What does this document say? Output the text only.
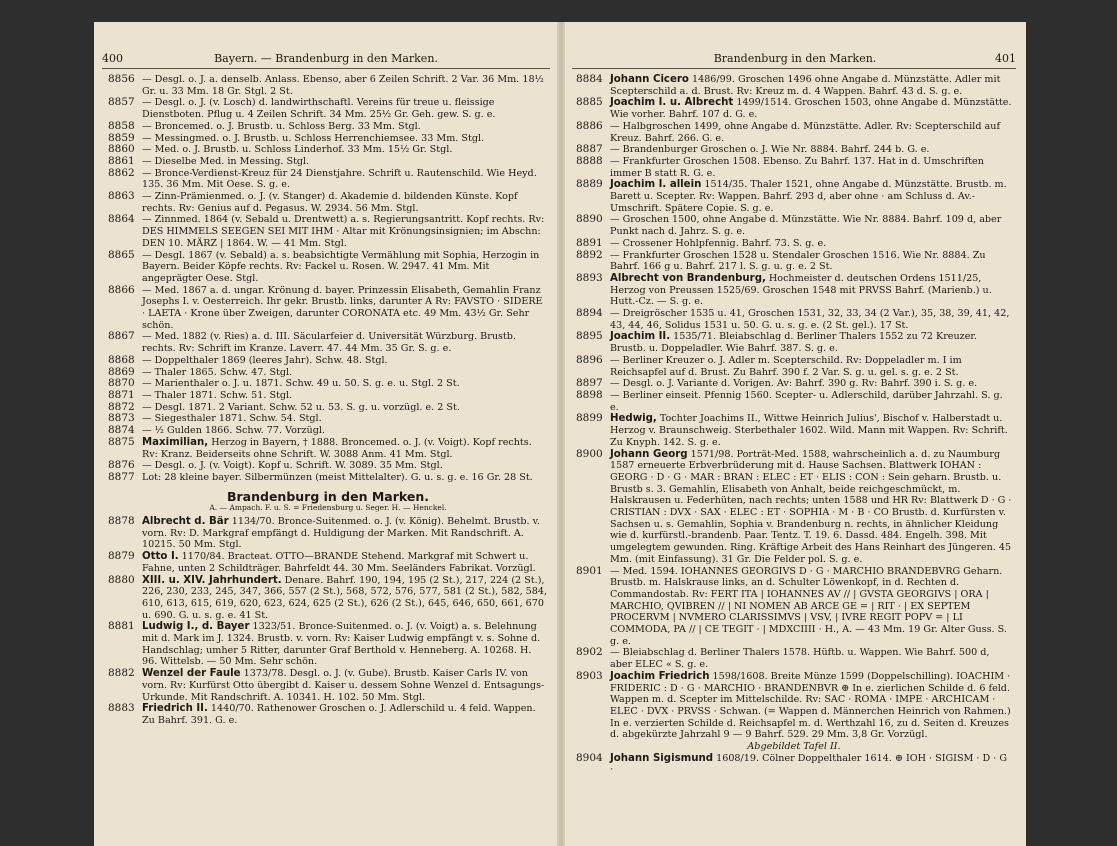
400	Bayern. — Brandenburg in den Marken.
8856 — Desgl. o. J. a. denselb. Anlass. Ebenso, aber 6 Zeilen Schrift. 2 Var. 36 Mm. 18½ Gr. u. 33 Mm. 18 Gr. Stgl. 2 St.
8857 — Desgl. o. J. (v. Losch) d. landwirthschaftl. Vereins für treue u. fleissige Dienstboten. Pflug u. 4 Zeilen Schrift. 34 Mm. 25½ Gr. Geh. gew. S. g. e.
8858 — Broncemed. o. J. Brustb. u. Schloss Berg. 33 Mm. Stgl.
8859 — Messingmed. o. J. Brustb. u. Schloss Herrenchiemsee. 33 Mm. Stgl.
8860 — Med. o. J. Brustb. u. Schloss Linderhof. 33 Mm. 15½ Gr. Stgl.
8861 — Dieselbe Med. in Messing. Stgl.
8862 — Bronce-Verdienst-Kreuz für 24 Dienstjahre. Schrift u. Rautenschild. Wie Heyd. 135. 36 Mm. Mit Oese. S. g. e.
8863 — Zinn-Prämienmed. o. J. (v. Stanger) d. Akademie d. bildenden Künste. Kopf rechts. Rv: Genius auf d. Pegasus. W. 2934. 56 Mm. Stgl.
8864 — Zinnmed. 1864 (v. Sebald u. Drentwett) a. s. Regierungsantritt. Kopf rechts. Rv: DES HIMMELS SEEGEN SEI MIT IHM · Altar mit Krönungsinsignien; im Abschn: DEN 10. MÄRZ | 1864. W. — 41 Mm. Stgl.
8865 — Desgl. 1867 (v. Sebald) a. s. beabsichtigte Vermählung mit Sophia, Herzogin in Bayern. Beider Köpfe rechts. Rv: Fackel u. Rosen. W. 2947. 41 Mm. Mit angeprägter Oese. Stgl.
8866 — Med. 1867 a. d. ungar. Krönung d. bayer. Prinzessin Elisabeth, Gemahlin Franz Josephs I. v. Oesterreich. Ihr gekr. Brustb. links, darunter A Rv: FAVSTO · SIDERE · LAETA · Krone über Zweigen, darunter CORONATA etc. 49 Mm. 43½ Gr. Sehr schön.
8867 — Med. 1882 (v. Ries) a. d. III. Säcularfeier d. Universität Würzburg. Brustb. rechts. Rv: Schrift im Kranze. Laverr. 47. 44 Mm. 35 Gr. S. g. e.
8868 — Doppelthaler 1869 (leeres Jahr). Schw. 48. Stgl.
8869 — Thaler 1865. Schw. 47. Stgl.
8870 — Marienthaler o. J. u. 1871. Schw. 49 u. 50. S. g. e. u. Stgl. 2 St.
8871 — Thaler 1871. Schw. 51. Stgl.
8872 — Desgl. 1871. 2 Variant. Schw. 52 u. 53. S. g. u. vorzügl. e. 2 St.
8873 — Siegesthaler 1871. Schw. 54. Stgl.
8874 — ½ Gulden 1866. Schw. 77. Vorzügl.
8875 Maximilian, Herzog in Bayern, † 1888. Broncemed. o. J. (v. Voigt). Kopf rechts. Rv: Kranz. Beiderseits ohne Schrift. W. 3088 Anm. 41 Mm. Stgl.
8876 — Desgl. o. J. (v. Voigt). Kopf u. Schrift. W. 3089. 35 Mm. Stgl.
8877 Lot: 28 kleine bayer. Silbermünzen (meist Mittelalter). G. u. s. g. e. 16 Gr. 28 St.
Brandenburg in den Marken.
A. — Ampach. F. u. S. = Friedensburg u. Seger. H. — Henckel.
8878 Albrecht d. Bär 1134/70. Bronce-Suitenmed. o. J. (v. König). Behelmt. Brustb. v. vorn. Rv: D. Markgraf empfängt d. Huldigung der Marken. Mit Randschrift. A. 10215. 50 Mm. Stgl.
8879 Otto I. 1170/84. Bracteat. OTTO—BRANDE Stehend. Markgraf mit Schwert u. Fahne, unten 2 Schildträger. Bahrfeldt 44. 30 Mm. Seeländers Fabrikat. Vorzügl.
8880 XIII. u. XIV. Jahrhundert. Denare. Bahrf. 190, 194, 195 (2 St.), 217, 224 (2 St.), 226, 230, 233, 245, 347, 366, 557 (2 St.), 568, 572, 576, 577, 581 (2 St.), 582, 584, 610, 613, 615, 619, 620, 623, 624, 625 (2 St.), 626 (2 St.), 645, 646, 650, 661, 670 u. 690. G. u. s. g. e. 41 St.
8881 Ludwig I., d. Bayer 1323/51. Bronce-Suitenmed. o. J. (v. Voigt) a. s. Belehnung mit d. Mark im J. 1324. Brustb. v. vorn. Rv: Kaiser Ludwig empfängt v. s. Sohne d. Handschlag; umher 5 Ritter, darunter Graf Berthold v. Henneberg. A. 10268. H. 96. Wittelsb. — 50 Mm. Sehr schön.
8882 Wenzel der Faule 1373/78. Desgl. o. J. (v. Gube). Brustb. Kaiser Carls IV. von vorn. Rv: Kurfürst Otto übergibt d. Kaiser u. dessem Sohne Wenzel d. Entsagungs-Urkunde. Mit Randschrift. A. 10341. H. 102. 50 Mm. Stgl.
8883 Friedrich II. 1440/70. Rathenower Groschen o. J. Adlerschild u. 4 feld. Wappen. Zu Bahrf. 391. G. e.
401
Brandenburg in den Marken.
8884 Johann Cicero 1486/99. Groschen 1496 ohne Angabe d. Münzstätte. Adler mit Scepterschild a. d. Brust. Rv: Kreuz m. d. 4 Wappen. Bahrf. 43 d. S. g. e.
8885 Joachim I. u. Albrecht 1499/1514. Groschen 1503, ohne Angabe d. Münzstätte. Wie vorher. Bahrf. 107 d. G. e.
8886 — Halbgroschen 1499, ohne Angabe d. Münzstätte. Adler. Rv: Scepterschild auf Kreuz. Bahrf. 266. G. e.
8887 — Brandenburger Groschen o. J. Wie Nr. 8884. Bahrf. 244 b. G. e.
8888 — Frankfurter Groschen 1508. Ebenso. Zu Bahrf. 137. Hat in d. Umschriften immer B statt R. G. e.
8889 Joachim I. allein 1514/35. Thaler 1521, ohne Angabe d. Münzstätte. Brustb. m. Barett u. Scepter. Rv: Wappen. Bahrf. 293 d, aber ohne · am Schluss d. Av.-Umschrift. Spätere Copie. S. g. e.
8890 — Groschen 1500, ohne Angabe d. Münzstätte. Wie Nr. 8884. Bahrf. 109 d, aber Punkt nach d. Jahrz. S. g. e.
8891 — Crossener Hohlpfennig. Bahrf. 73. S. g. e.
8892 — Frankfurter Groschen 1528 u. Stendaler Groschen 1516. Wie Nr. 8884. Zu Bahrf. 166 g u. Bahrf. 217 l. S. g. u. g. e. 2 St.
8893 Albrecht von Brandenburg, Hochmeister d. deutschen Ordens 1511/25, Herzog von Preussen 1525/69. Groschen 1548 mit PRVSS Bahrf. (Marienb.) u. Hutt.-Cz. — S. g. e.
8894 — Dreigröscher 1535 u. 41, Groschen 1531, 32, 33, 34 (2 Var.), 35, 38, 39, 41, 42, 43, 44, 46, Solidus 1531 u. 50. G. u. s. g. e. (2 St. gel.). 17 St.
8895 Joachim II. 1535/71. Bleiabschlag d. Berliner Thalers 1552 zu 72 Kreuzer. Brustb. u. Doppeladler. Wie Bahrf. 387. S. g. e.
8896 — Berliner Kreuzer o. J. Adler m. Scepterschild. Rv: Doppeladler m. I im Reichsapfel auf d. Brust. Zu Bahrf. 390 f. 2 Var. S. g. u. gel. s. g. e. 2 St.
8897 — Desgl. o. J. Variante d. Vorigen. Av: Bahrf. 390 g. Rv: Bahrf. 390 i. S. g. e.
8898 — Berliner einseit. Pfennig 1560. Scepter- u. Adlerschild, darüber Jahrzahl. S. g. e.
8899 Hedwig, Tochter Joachims II., Wittwe Heinrich Julius', Bischof v. Halberstadt u. Herzog v. Braunschweig. Sterbethaler 1602. Wild. Mann mit Wappen. Rv: Schrift. Zu Knyph. 142. S. g. e.
8900 Johann Georg 1571/98. Porträt-Med. 1588, wahrscheinlich a. d. zu Naumburg 1587 erneuerte Erbverbrüderung mit d. Hause Sachsen. Blattwerk IOHAN : GEORG · D · G · MAR : BRAN : ELEC : ET · ELIS : CON : Sein geharn. Brustb. u. Brustb s. 3. Gemahlin, Elisabeth von Anhalt, beide reichgeschmückt, m. Halskrausen u. Federhüten, nach rechts; unten 1588 und HR Rv: Blattwerk D · G · CRISTIAN : DVX · SAX · ELEC : ET · SOPHIA · M · B · CO Brustb. d. Kurfürsten v. Sachsen u. s. Gemahlin, Sophia v. Brandenburg n. rechts, in ähnlicher Kleidung wie d. kurfürstl.-brandenb. Paar. Tentz. T. 19. 6. Dassd. 484. Engelh. 398. Mit umgelegtem gewunden. Ring. Kräftige Arbeit des Hans Reinhart des Jüngeren. 45 Mm. (mit Einfassung). 31 Gr. Die Felder pol. S. g. e.
8901 — Med. 1594. IOHANNES GEORGIVS D · G · MARCHIO BRANDEBVRG Geharn. Brustb. m. Halskrause links, an d. Schulter Löwenkopf, in d. Rechten d. Commandostab. Rv: FERT ITA | IOHANNES AV // | GVSTA GEORGIVS | ORA | MARCHIO, QVIBREN // | NI NOMEN AB ARCE GE = | RIT · | EX SEPTEM PROCERVM | NVMERO CLARISSIMVS | VSV, | IVRE REGIT POPV = | LI COMMODA, PA // | CE TEGIT · | MDXCIIII · H., A. — 43 Mm. 19 Gr. Alter Guss. S. g. e.
8902 — Bleiabschlag d. Berliner Thalers 1578. Hüftb. u. Wappen. Wie Bahrf. 500 d, aber ELEC « S. g. e.
8903 Joachim Friedrich 1598/1608. Breite Münze 1599 (Doppelschilling). IOACHIM · FRIDERIC : D · G · MARCHIO · BRANDENBVR ⊕ In e. zierlichen Schilde d. 6 feld. Wappen m. d. Scepter im Mittelschilde. Rv: SAC · ROMA · IMPE · ARCHICAM · ELEC · DVX · PRVSS · Schwan. (= Wappen d. Männerchen Heinrich von Rahmen.) In e. verzierten Schilde d. Reichsapfel m. d. Werthzahl 16, zu d. Seiten d. Kreuzes d. abgekürzte Jahrzahl 9 — 9 Bahrf. 529. 29 Mm. 3,8 Gr. Vorzügl.
Abgebildet Tafel II.
8904 Johann Sigismund 1608/19. Cölner Doppelthaler 1614. ⊕ IOH · SIGISM · D · G ·
